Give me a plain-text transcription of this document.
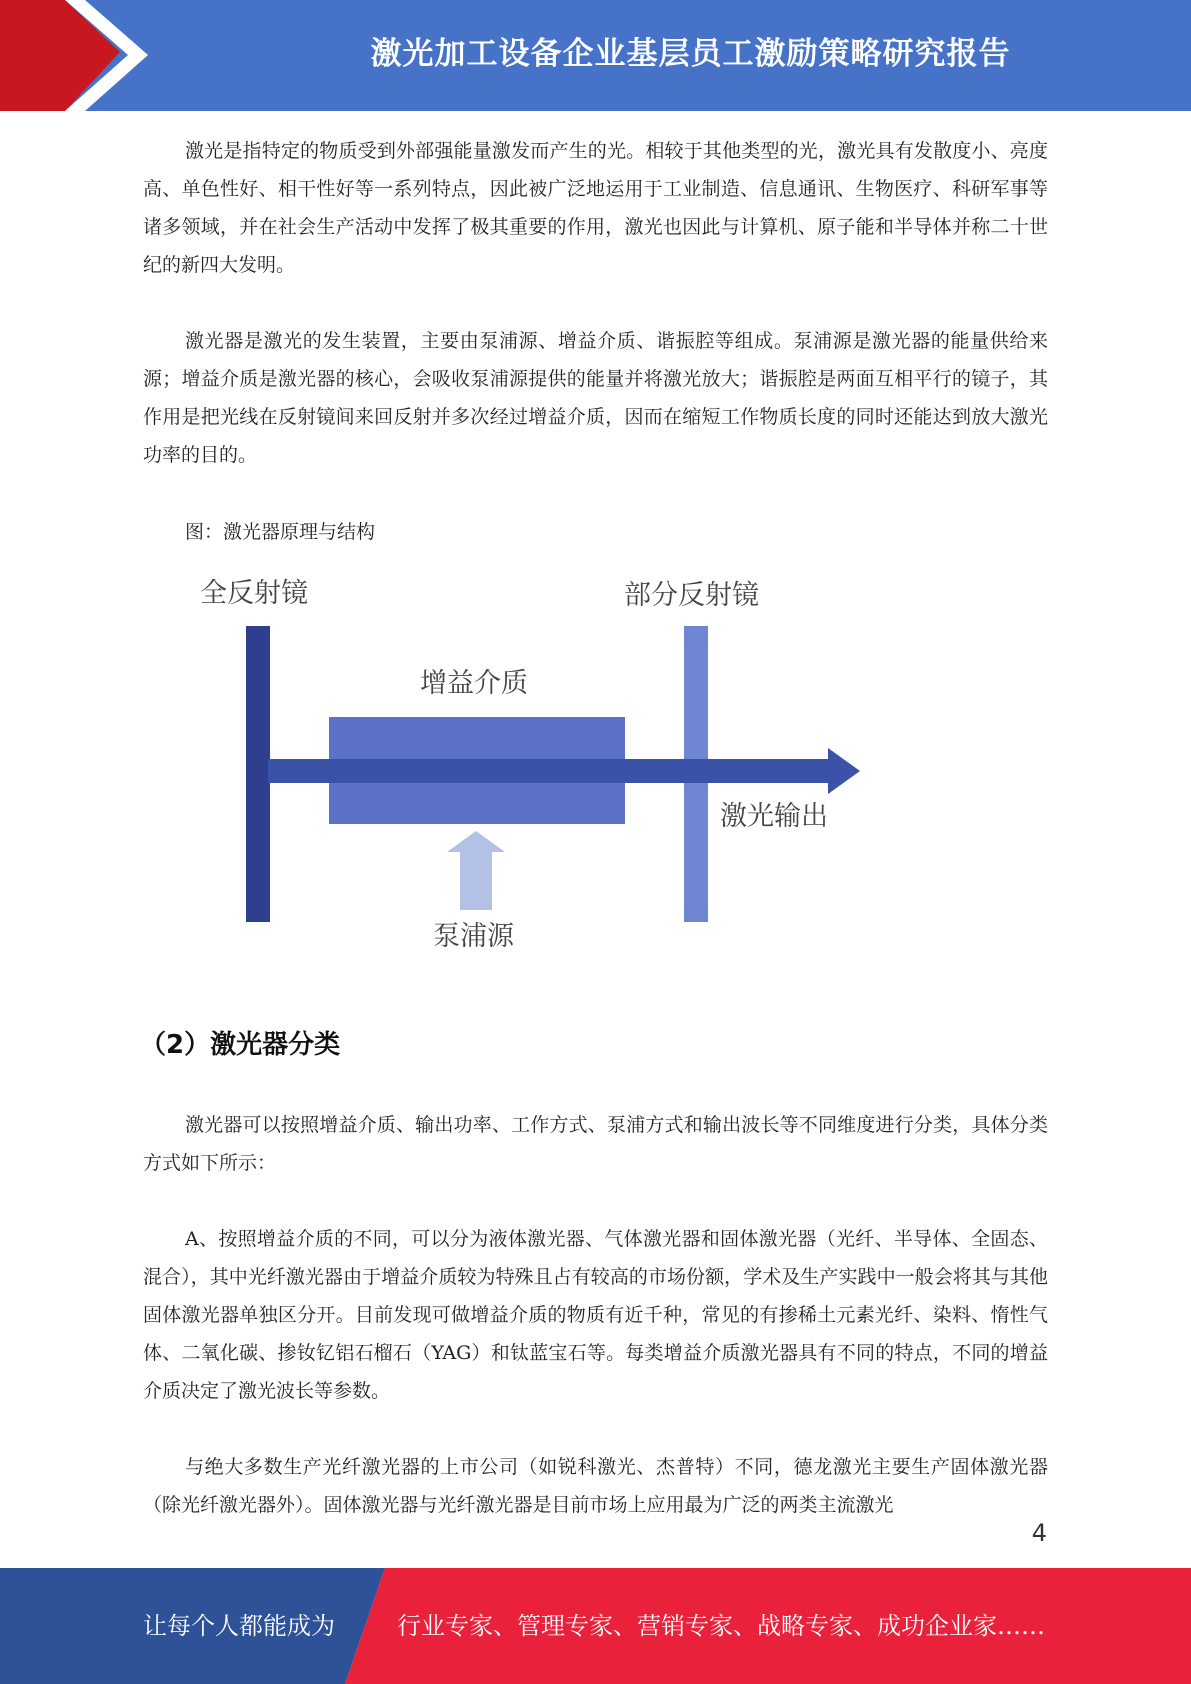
激光加工设备企业基层员工激励策略研究报告

激光是指特定的物质受到外部强能量激发而产生的光。相较于其他类型的光，激光具有发散度小、亮度高、单色性好、相干性好等一系列特点，因此被广泛地运用于工业制造、信息通讯、生物医疗、科研军事等诸多领域，并在社会生产活动中发挥了极其重要的作用，激光也因此与计算机、原子能和半导体并称二十世纪的新四大发明。

激光器是激光的发生装置，主要由泵浦源、增益介质、谐振腔等组成。泵浦源是激光器的能量供给来源；增益介质是激光器的核心，会吸收泵浦源提供的能量并将激光放大；谐振腔是两面互相平行的镜子，其作用是把光线在反射镜间来回反射并多次经过增益介质，因而在缩短工作物质长度的同时还能达到放大激光功率的目的。

图：激光器原理与结构
全反射镜	部分反射镜
增益介质
激光输出
泵浦源
（2）激光器分类

激光器可以按照增益介质、输出功率、工作方式、泵浦方式和输出波长等不同维度进行分类，具体分类方式如下所示：

A、按照增益介质的不同，可以分为液体激光器、气体激光器和固体激光器（光纤、半导体、全固态、混合），其中光纤激光器由于增益介质较为特殊且占有较高的市场份额，学术及生产实践中一般会将其与其他固体激光器单独区分开。目前发现可做增益介质的物质有近千种，常见的有掺稀土元素光纤、染料、惰性气体、二氧化碳、掺钕钇铝石榴石（YAG）和钛蓝宝石等。每类增益介质激光器具有不同的特点，不同的增益介质决定了激光波长等参数。

与绝大多数生产光纤激光器的上市公司（如锐科激光、杰普特）不同，德龙激光主要生产固体激光器（除光纤激光器外）。固体激光器与光纤激光器是目前市场上应用最为广泛的两类主流激光

4
让每个人都能成为	行业专家、管理专家、营销专家、战略专家、成功企业家……
